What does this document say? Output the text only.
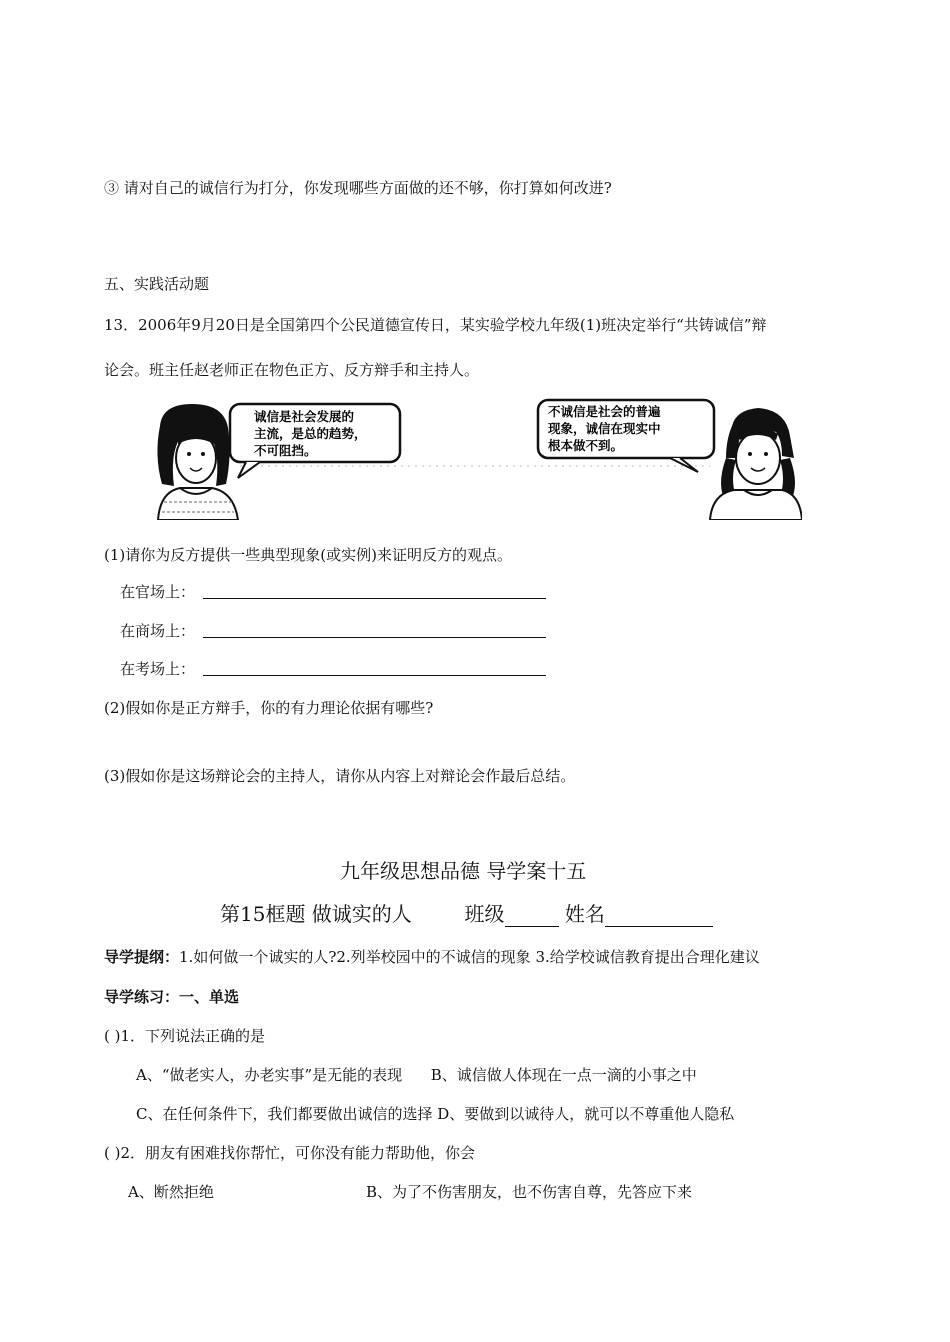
③ 请对自己的诚信行为打分，你发现哪些方面做的还不够，你打算如何改进?
五、实践活动题
13．2006年9月20日是全国第四个公民道德宣传日，某实验学校九年级(1)班决定举行“共铸诚信”辩
论会。班主任赵老师正在物色正方、反方辩手和主持人。
诚信是社会发展的
主流，是总的趋势，
不可阻挡。
不诚信是社会的普遍
现象，诚信在现实中
根本做不到。
(1)请你为反方提供一些典型现象(或实例)来证明反方的观点。
在官场上：
在商场上：
在考场上：
(2)假如你是正方辩手，你的有力理论依据有哪些?
(3)假如你是这场辩论会的主持人，请你从内容上对辩论会作最后总结。
九年级思想品德 导学案十五
第15框题 做诚实的人	班级	姓名
导学提纲：1.如何做一个诚实的人?2.列举校园中的不诚信的现象 3.给学校诚信教育提出合理化建议
导学练习：一、单选
( )1．下列说法正确的是
A、“做老实人，办老实事”是无能的表现      B、诚信做人体现在一点一滴的小事之中
C、在任何条件下，我们都要做出诚信的选择 D、要做到以诚待人，就可以不尊重他人隐私
( )2．朋友有困难找你帮忙，可你没有能力帮助他，你会
A、断然拒绝	B、为了不伤害朋友，也不伤害自尊，先答应下来
